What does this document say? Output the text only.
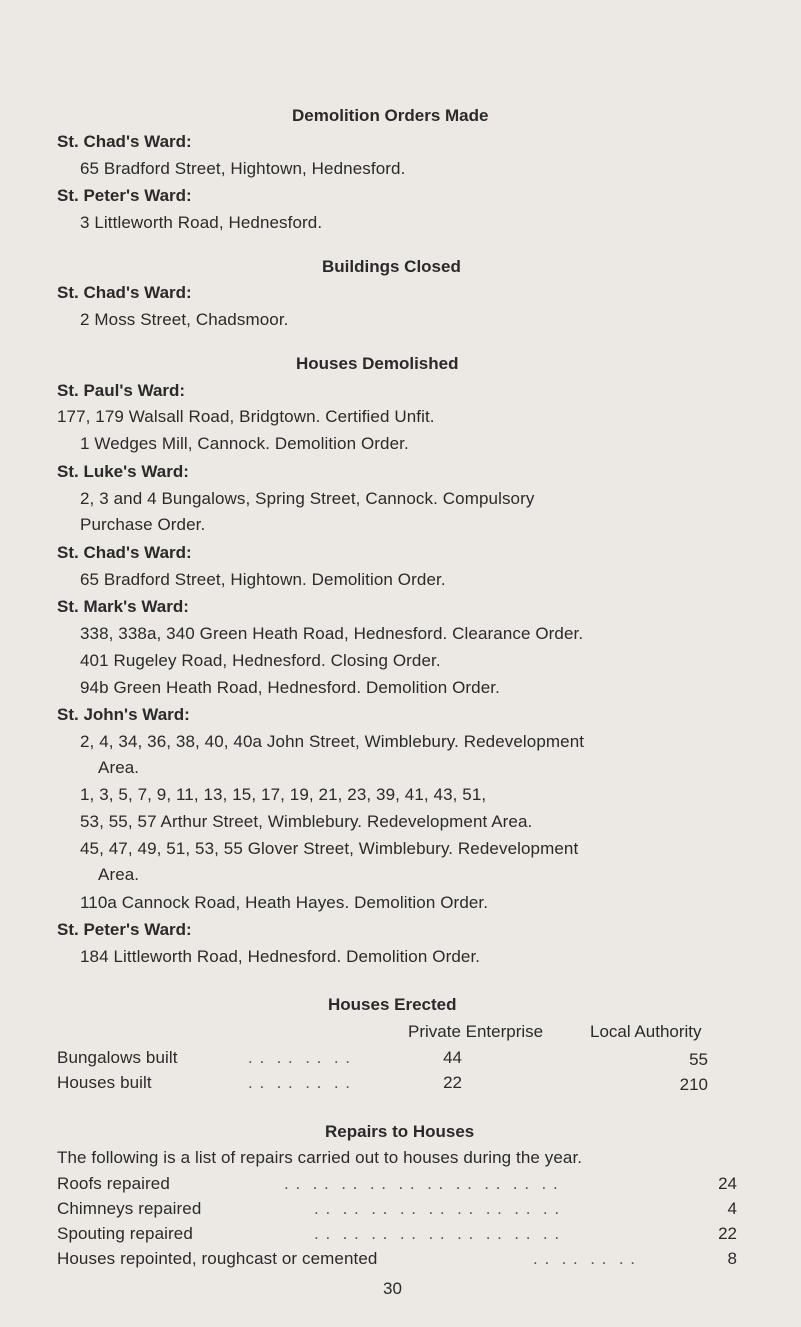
Demolition Orders Made
St. Chad's Ward:
65 Bradford Street, Hightown, Hednesford.
St. Peter's Ward:
3 Littleworth Road, Hednesford.
Buildings Closed
St. Chad's Ward:
2 Moss Street, Chadsmoor.
Houses Demolished
St. Paul's Ward:
177, 179 Walsall Road, Bridgtown. Certified Unfit.
1 Wedges Mill, Cannock. Demolition Order.
St. Luke's Ward:
2, 3 and 4 Bungalows, Spring Street, Cannock. Compulsory
Purchase Order.
St. Chad's Ward:
65 Bradford Street, Hightown. Demolition Order.
St. Mark's Ward:
338, 338a, 340 Green Heath Road, Hednesford. Clearance Order.
401 Rugeley Road, Hednesford. Closing Order.
94b Green Heath Road, Hednesford. Demolition Order.
St. John's Ward:
2, 4, 34, 36, 38, 40, 40a John Street, Wimblebury. Redevelopment
Area.
1, 3, 5, 7, 9, 11, 13, 15, 17, 19, 21, 23, 39, 41, 43, 51,
53, 55, 57 Arthur Street, Wimblebury. Redevelopment Area.
45, 47, 49, 51, 53, 55 Glover Street, Wimblebury. Redevelopment
Area.
110a Cannock Road, Heath Hayes. Demolition Order.
St. Peter's Ward:
184 Littleworth Road, Hednesford. Demolition Order.
Houses Erected
Private Enterprise	Local Authority
Bungalows built	. .  . .  . .  . .	44	55
Houses built	. .  . .  . .  . .	22	210
Repairs to Houses
The following is a list of repairs carried out to houses during the year.
Roofs repaired	. .  . .  . .  . .  . .  . .  . .  . .  . .  . .	24
Chimneys repaired	. .  . .  . .  . .  . .  . .  . .  . .  . .	4
Spouting repaired	. .  . .  . .  . .  . .  . .  . .  . .  . .	22
Houses repointed, roughcast or cemented	. .  . .  . .  . .	8
30
